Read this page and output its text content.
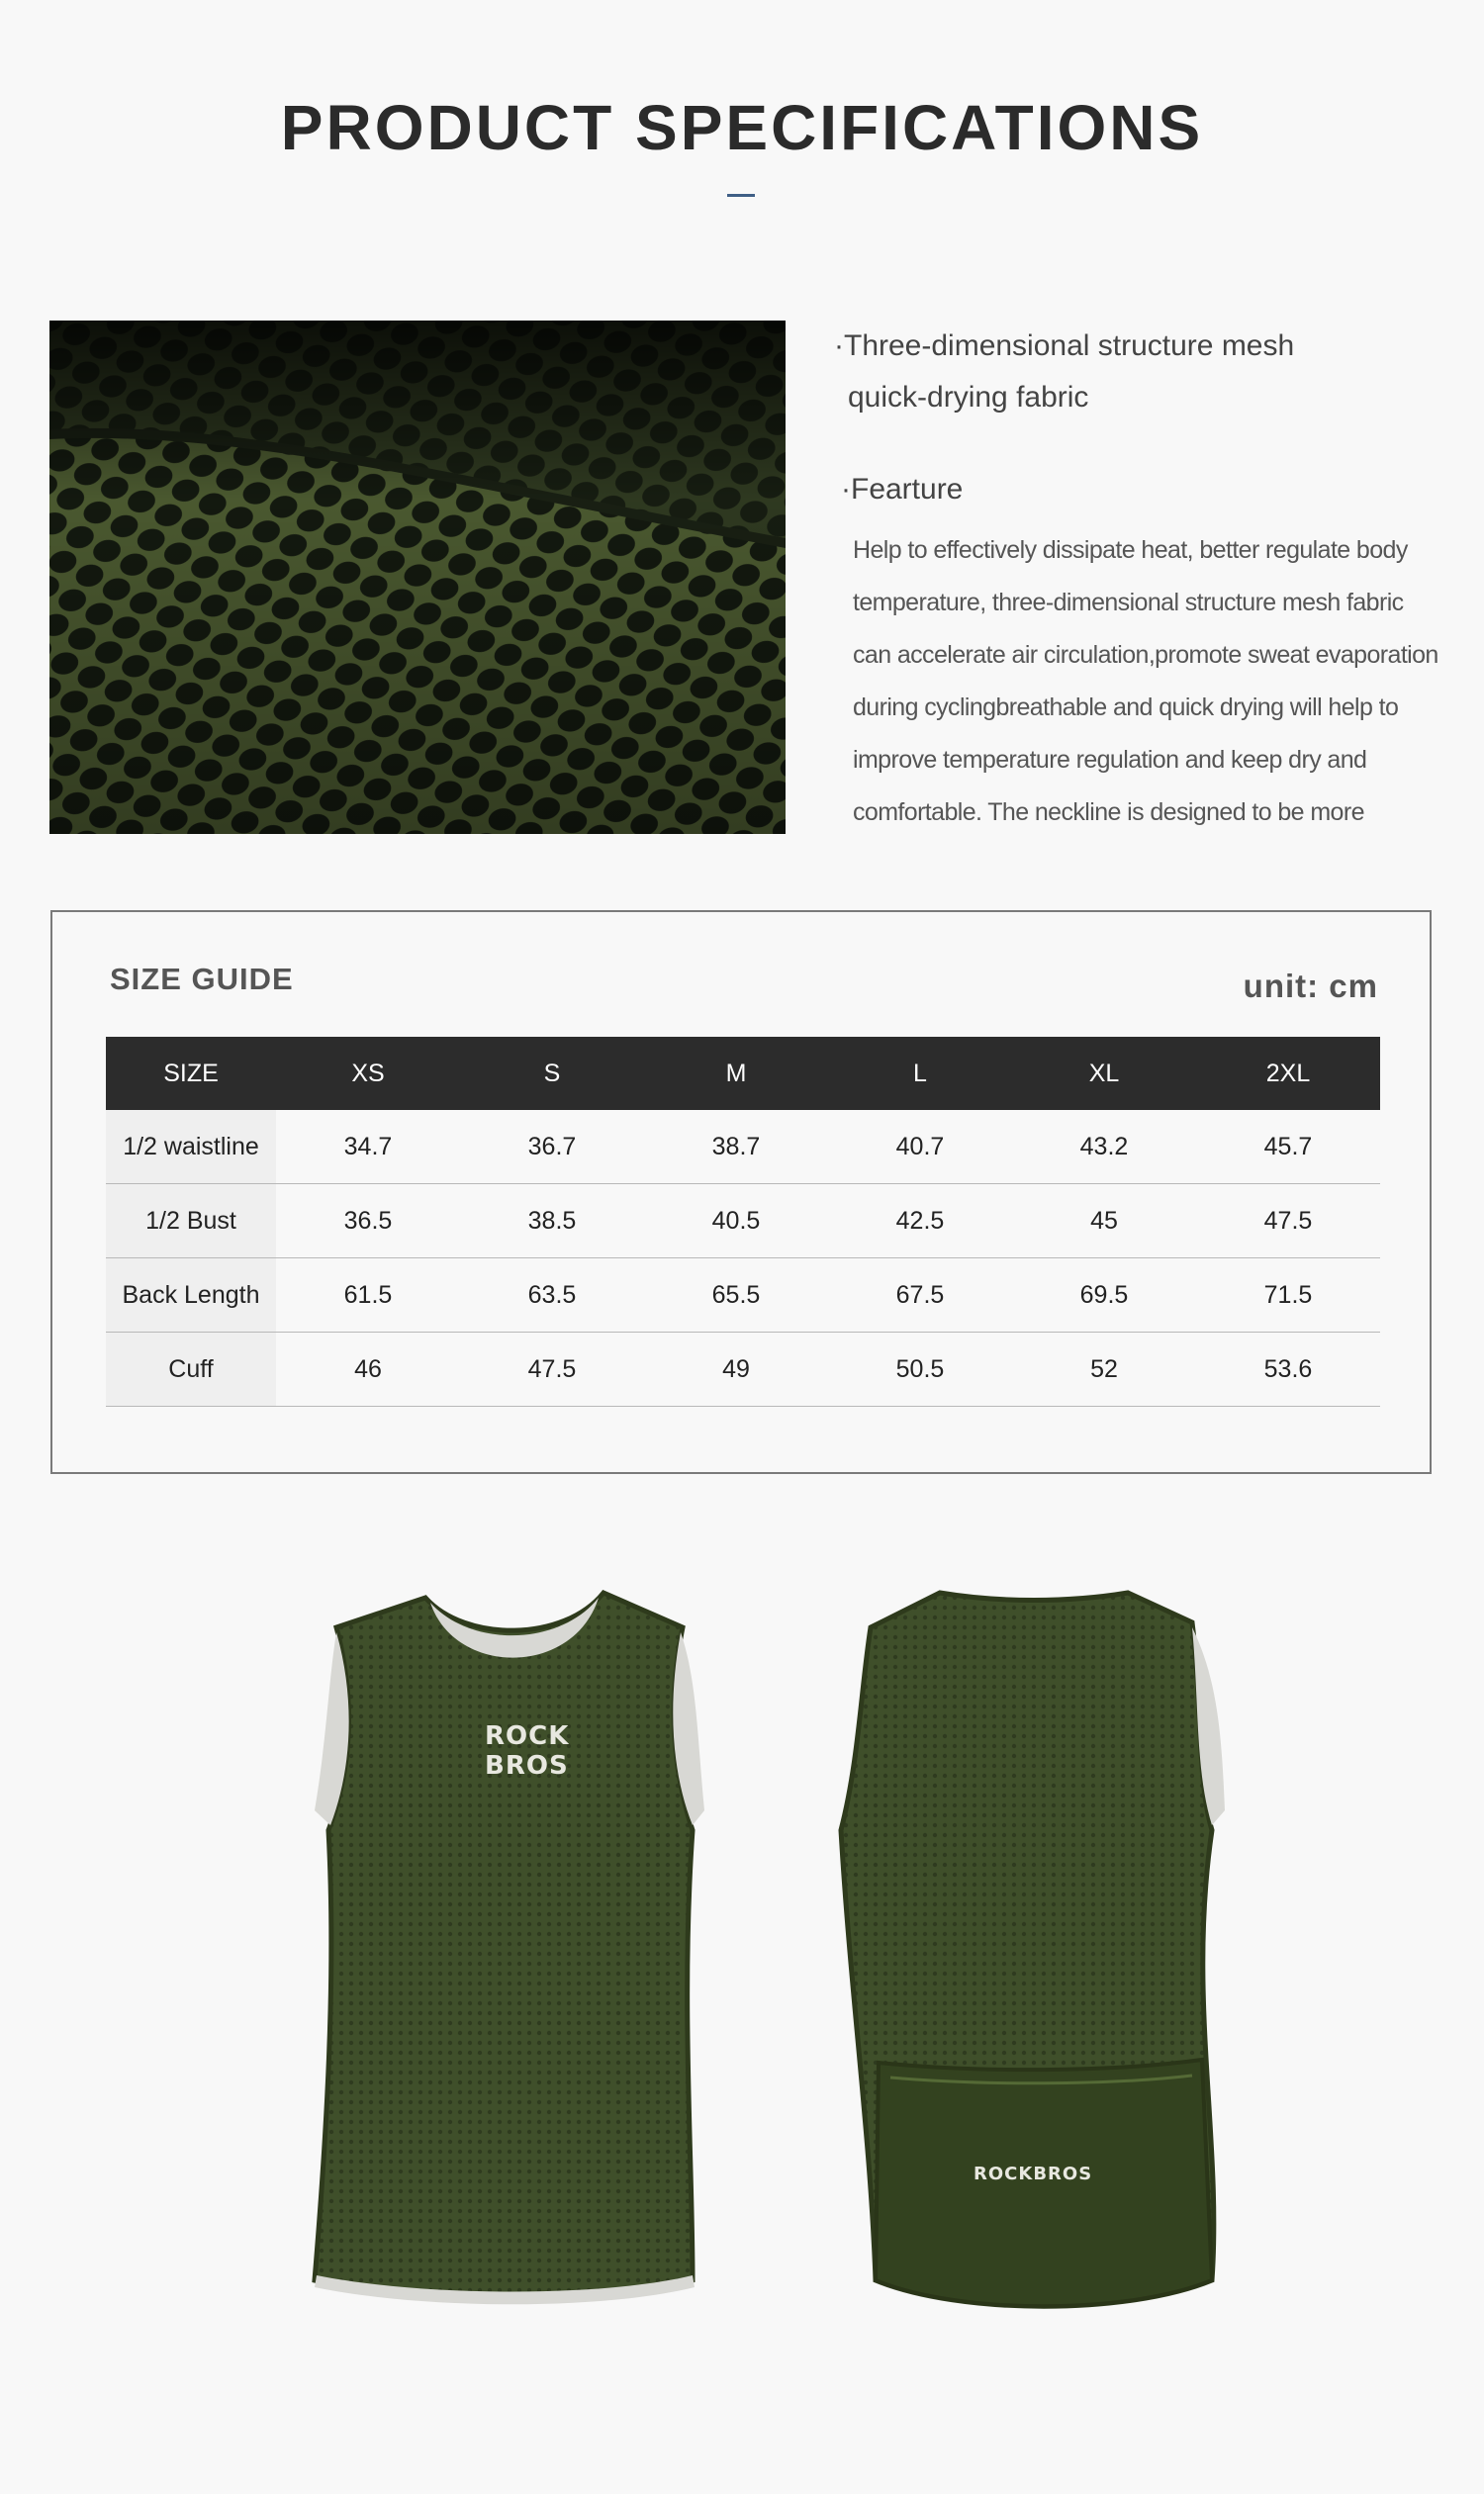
PRODUCT SPECIFICATIONS
·Three-dimensional structure mesh
quick-drying fabric
·Fearture
Help to effectively dissipate heat, better regulate body
temperature, three-dimensional structure mesh fabric
can accelerate air circulation,promote sweat evaporation
during cyclingbreathable and quick drying will help to
improve temperature regulation and keep dry and
comfortable. The neckline is designed to be more
SIZE GUIDE	unit: cm
SIZE	XS	S	M	L	XL	2XL
1/2 waistline	34.7	36.7	38.7	40.7	43.2	45.7
1/2 Bust	36.5	38.5	40.5	42.5	45	47.5
Back Length	61.5	63.5	65.5	67.5	69.5	71.5
Cuff	46	47.5	49	50.5	52	53.6
ROCK
BROS
ROCKBROS
